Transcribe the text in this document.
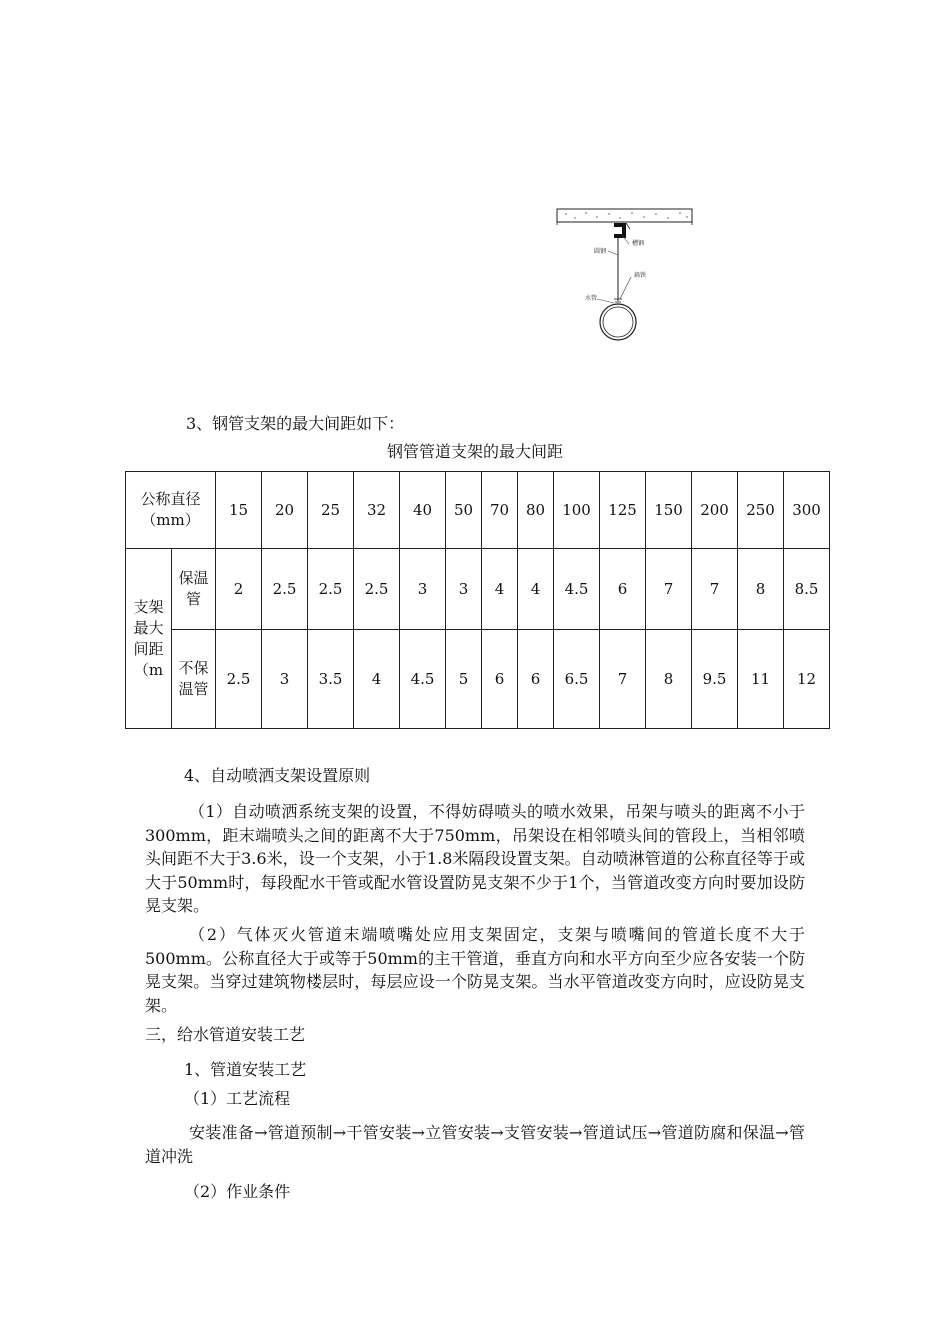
圆钢
槽钢
扁铁
水管
3、钢管支架的最大间距如下：
钢管管道支架的最大间距
公称直径（mm）		15	20	25	32	40	50	70	80	100	125	150	200	250	300
支架最大间距（m	保温管	2	2.5	2.5	2.5	3	3	4	4	4.5	6	7	7	8	8.5
	不保温管	2.5	3	3.5	4	4.5	5	6	6	6.5	7	8	9.5	11	12
4、自动喷洒支架设置原则
（1）自动喷洒系统支架的设置，不得妨碍喷头的喷水效果，吊架与喷头的距离不小于300mm，距末端喷头之间的距离不大于750mm，吊架设在相邻喷头间的管段上，当相邻喷头间距不大于3.6米，设一个支架，小于1.8米隔段设置支架。自动喷淋管道的公称直径等于或大于50mm时，每段配水干管或配水管设置防晃支架不少于1个，当管道改变方向时要加设防晃支架。
（2）气体灭火管道末端喷嘴处应用支架固定，支架与喷嘴间的管道长度不大于500mm。公称直径大于或等于50mm的主干管道，垂直方向和水平方向至少应各安装一个防晃支架。当穿过建筑物楼层时，每层应设一个防晃支架。当水平管道改变方向时，应设防晃支架。
三，给水管道安装工艺
1、管道安装工艺
（1）工艺流程
安装准备→管道预制→干管安装→立管安装→支管安装→管道试压→管道防腐和保温→管道冲洗
（2）作业条件
